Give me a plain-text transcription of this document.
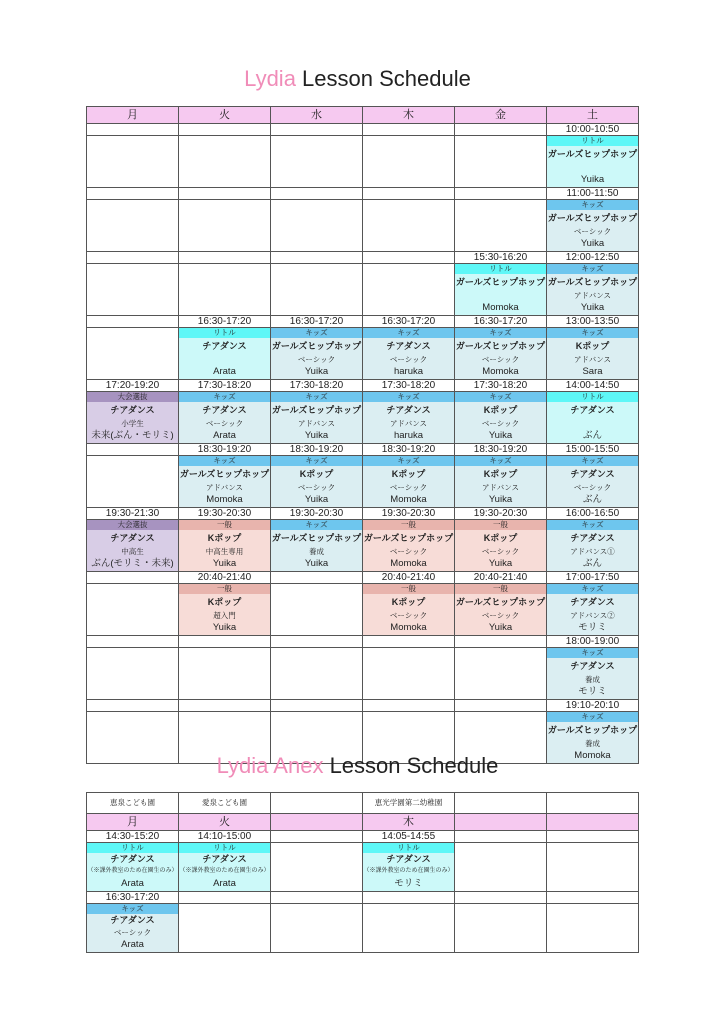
Lydia Lesson Schedule
月	火	水	木	金	土
					10:00-10:50

					リトル
ガールズヒップホップ
Yuika

					11:00-11:50

					キッズ
ガールズヒップホップ
ベーシック
Yuika

				15:30-16:20	12:00-12:50

				リトル
ガールズヒップホップ
Momoka	キッズ
ガールズヒップホップ
アドバンス
Yuika

	16:30-17:20	16:30-17:20	16:30-17:20	16:30-17:20	13:00-13:50

	リトル
チアダンス
Arata	キッズ
ガールズヒップホップ
ベーシック
Yuika	キッズ
チアダンス
ベーシック
haruka	キッズ
ガールズヒップホップ
ベーシック
Momoka	キッズ
Kポップ
アドバンス
Sara

17:20-19:20	17:30-18:20	17:30-18:20	17:30-18:20	17:30-18:20	14:00-14:50

大会選抜
チアダンス
小学生
未来(ぶん・モリミ)	キッズ
チアダンス
ベーシック
Arata	キッズ
ガールズヒップホップ
アドバンス
Yuika	キッズ
チアダンス
アドバンス
haruka	キッズ
Kポップ
ベーシック
Yuika	リトル
チアダンス
ぶん

	18:30-19:20	18:30-19:20	18:30-19:20	18:30-19:20	15:00-15:50

	キッズ
ガールズヒップホップ
アドバンス
Momoka	キッズ
Kポップ
ベーシック
Yuika	キッズ
Kポップ
ベーシック
Momoka	キッズ
Kポップ
アドバンス
Yuika	キッズ
チアダンス
ベーシック
ぶん

19:30-21:30	19:30-20:30	19:30-20:30	19:30-20:30	19:30-20:30	16:00-16:50

大会選抜
チアダンス
中高生
ぶん(モリミ・未来)	一般
Kポップ
中高生専用
Yuika	キッズ
ガールズヒップホップ
養成
Yuika	一般
ガールズヒップホップ
ベーシック
Momoka	一般
Kポップ
ベーシック
Yuika	キッズ
チアダンス
アドバンス①
ぶん

	20:40-21:40		20:40-21:40	20:40-21:40	17:00-17:50

	一般
Kポップ
超入門
Yuika		一般
Kポップ
ベーシック
Momoka	一般
ガールズヒップホップ
ベーシック
Yuika	キッズ
チアダンス
アドバンス②
モリミ

					18:00-19:00

					キッズ
チアダンス
養成
モリミ

					19:10-20:10

					キッズ
ガールズヒップホップ
養成
Momoka
Lydia Anex Lesson Schedule
恵泉こども園	愛泉こども園		恵光学園第二幼稚園		
月	火		木		
14:30-15:20	14:10-15:00		14:05-14:55		

リトル
チアダンス
（※課外教室のため在園生のみ）
Arata	リトル
チアダンス
（※課外教室のため在園生のみ）
Arata		リトル
チアダンス
（※課外教室のため在園生のみ）
モリミ		

16:30-17:20					

キッズ
チアダンス
ベーシック
Arata					
